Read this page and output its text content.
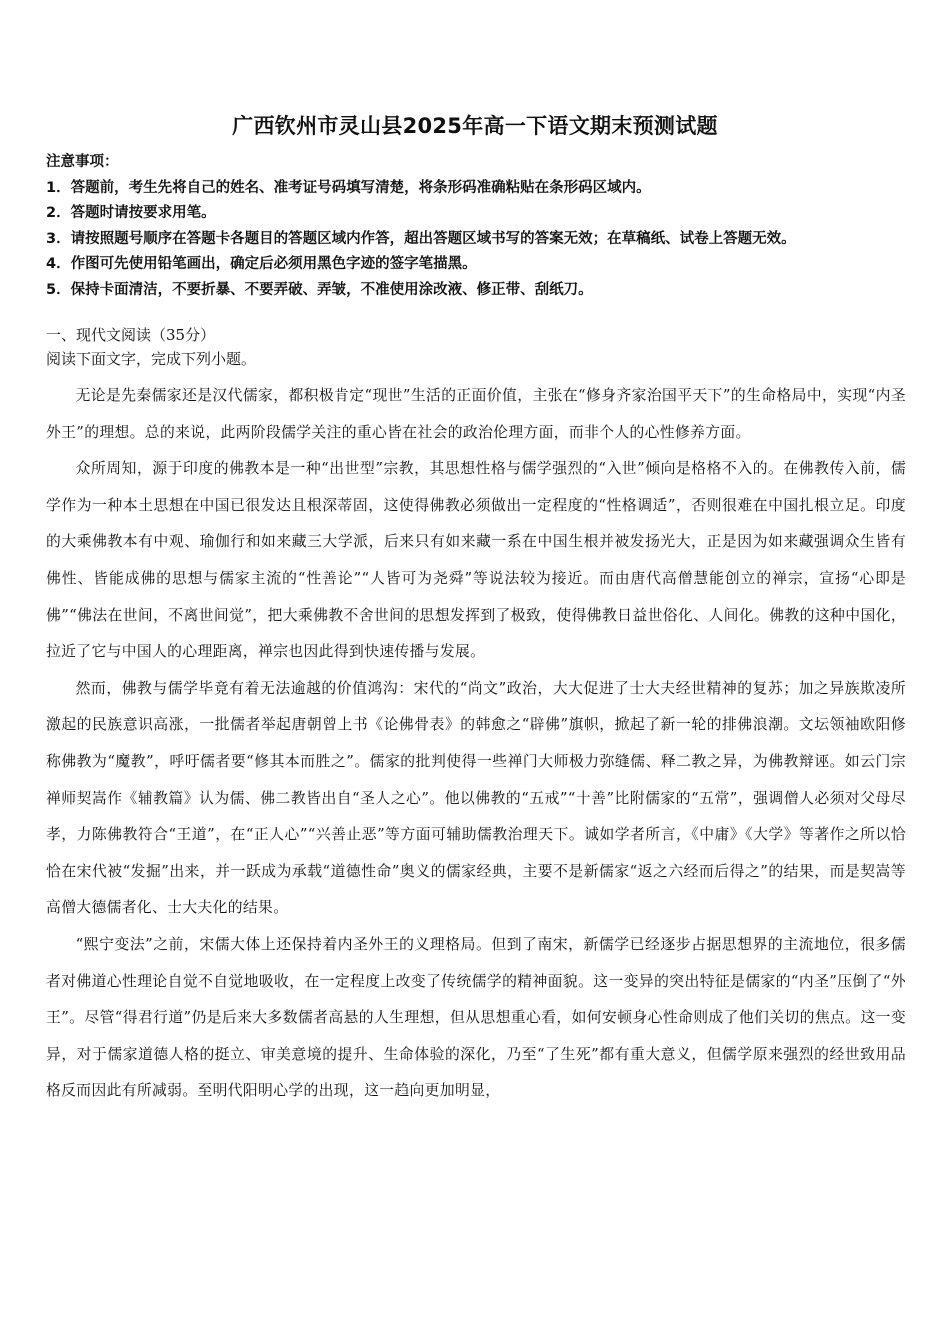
广西钦州市灵山县2025年高一下语文期末预测试题
注意事项：
1．答题前，考生先将自己的姓名、准考证号码填写清楚，将条形码准确粘贴在条形码区域内。
2．答题时请按要求用笔。
3．请按照题号顺序在答题卡各题目的答题区域内作答，超出答题区域书写的答案无效；在草稿纸、试卷上答题无效。
4．作图可先使用铅笔画出，确定后必须用黑色字迹的签字笔描黑。
5．保持卡面清洁，不要折暴、不要弄破、弄皱，不准使用涂改液、修正带、刮纸刀。
一、现代文阅读（35分）
阅读下面文字，完成下列小题。

无论是先秦儒家还是汉代儒家，都积极肯定“现世”生活的正面价值，主张在“修身齐家治国平天下”的生命格局中，实现“内圣外王”的理想。总的来说，此两阶段儒学关注的重心皆在社会的政治伦理方面，而非个人的心性修养方面。

众所周知，源于印度的佛教本是一种“出世型”宗教，其思想性格与儒学强烈的“入世”倾向是格格不入的。在佛教传入前，儒学作为一种本土思想在中国已很发达且根深蒂固，这使得佛教必须做出一定程度的“性格调适”，否则很难在中国扎根立足。印度的大乘佛教本有中观、瑜伽行和如来藏三大学派，后来只有如来藏一系在中国生根并被发扬光大，正是因为如来藏强调众生皆有佛性、皆能成佛的思想与儒家主流的“性善论”“人皆可为尧舜”等说法较为接近。而由唐代高僧慧能创立的禅宗，宣扬“心即是佛”“佛法在世间，不离世间觉”，把大乘佛教不舍世间的思想发挥到了极致，使得佛教日益世俗化、人间化。佛教的这种中国化，拉近了它与中国人的心理距离，禅宗也因此得到快速传播与发展。

然而，佛教与儒学毕竟有着无法逾越的价值鸿沟：宋代的“尚文”政治，大大促进了士大夫经世精神的复苏；加之异族欺凌所激起的民族意识高涨，一批儒者举起唐朝曾上书《论佛骨表》的韩愈之“辟佛”旗帜，掀起了新一轮的排佛浪潮。文坛领袖欧阳修称佛教为“魔教”，呼吁儒者要“修其本而胜之”。儒家的批判使得一些禅门大师极力弥缝儒、释二教之异，为佛教辩诬。如云门宗禅师契嵩作《辅教篇》认为儒、佛二教皆出自“圣人之心”。他以佛教的“五戒”“十善”比附儒家的“五常”，强调僧人必须对父母尽孝，力陈佛教符合“王道”，在“正人心”“兴善止恶”等方面可辅助儒教治理天下。诚如学者所言，《中庸》《大学》等著作之所以恰恰在宋代被“发掘”出来，并一跃成为承载“道德性命”奥义的儒家经典，主要不是新儒家“返之六经而后得之”的结果，而是契嵩等高僧大德儒者化、士大夫化的结果。

“熙宁变法”之前，宋儒大体上还保持着内圣外王的义理格局。但到了南宋，新儒学已经逐步占据思想界的主流地位，很多儒者对佛道心性理论自觉不自觉地吸收，在一定程度上改变了传统儒学的精神面貌。这一变异的突出特征是儒家的“内圣”压倒了“外王”。尽管“得君行道”仍是后来大多数儒者高悬的人生理想，但从思想重心看，如何安顿身心性命则成了他们关切的焦点。这一变异，对于儒家道德人格的挺立、审美意境的提升、生命体验的深化，乃至“了生死”都有重大意义，但儒学原来强烈的经世致用品格反而因此有所减弱。至明代阳明心学的出现，这一趋向更加明显，
